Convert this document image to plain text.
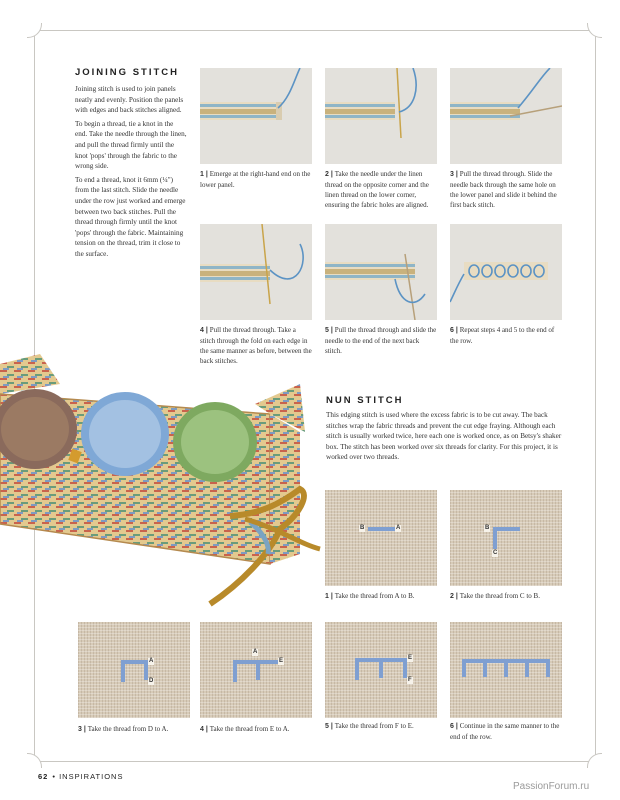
JOINING STITCH

Joining stitch is used to join panels neatly and evenly. Position the panels with edges and back stitches aligned.

To begin a thread, tie a knot in the end. Take the needle through the linen, and pull the thread firmly until the knot 'pops' through the fabric to the wrong side.

To end a thread, knot it 6mm (¼") from the last stitch. Slide the needle under the row just worked and emerge between two back stitches. Pull the thread through firmly until the knot 'pops' through the fabric. Maintaining tension on the thread, trim it close to the surface.

1 | Emerge at the right-hand end on the lower panel.
2 | Take the needle under the linen thread on the opposite corner and the linen thread on the lower corner, ensuring the fabric holes are aligned.
3 | Pull the thread through. Slide the needle back through the same hole on the lower panel and slide it behind the first back stitch.
4 | Pull the thread through. Take a stitch through the fold on each edge in the same manner as before, between the back stitches.
5 | Pull the thread through and slide the needle to the end of the next back stitch.
6 | Repeat steps 4 and 5 to the end of the row.
NUN STITCH

This edging stitch is used where the excess fabric is to be cut away. The back stitches wrap the fabric threads and prevent the cut edge fraying. Although each stitch is usually worked twice, here each one is worked once, as on Betsy's shaker box. The stitch has been worked over six threads for clarity. For this project, it is worked over two threads.

B	A	B
C
1 | Take the thread from A to B.	2 | Take the thread from C to B.
A
D
A
E	E
F
3 | Take the thread from D to A.	4 | Take the thread from E to A.	5 | Take the thread from F to E.	6 | Continue in the same manner to the end of the row.
62 • INSPIRATIONS
PassionForum.ru
